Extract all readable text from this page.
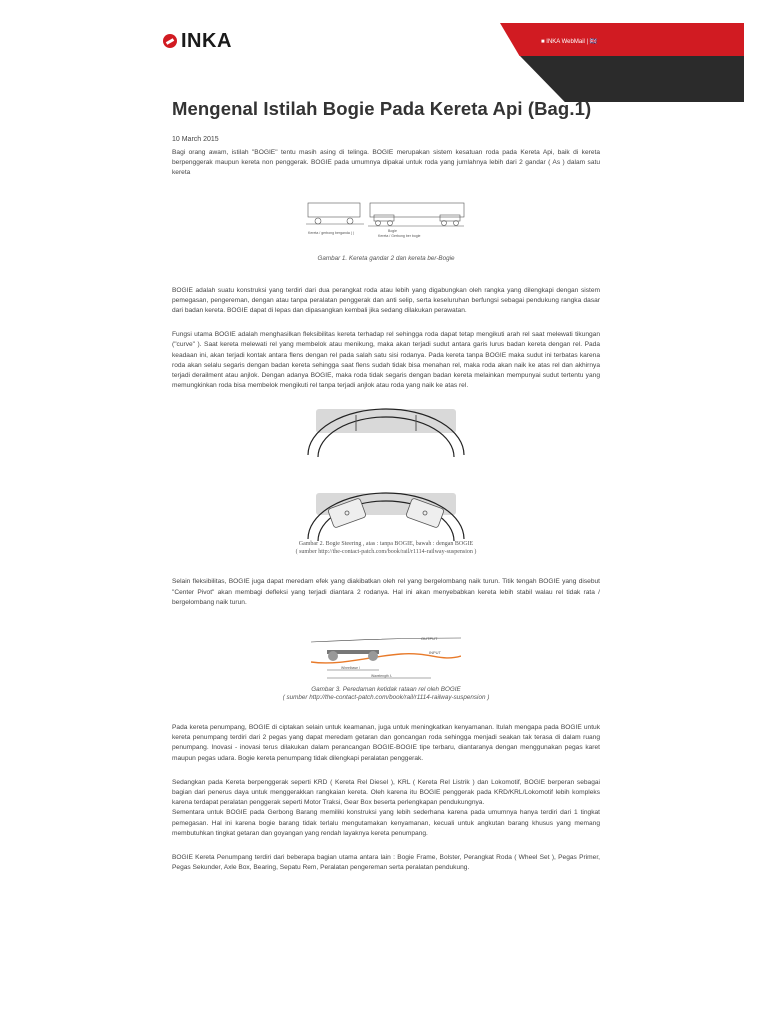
INKA	■ INKA WebMail | 🇬🇧
Mengenal Istilah Bogie Pada Kereta Api (Bag.1)
10 March 2015

Bagi orang awam, istilah "BOGIE" tentu masih asing di telinga. BOGIE merupakan sistem kesatuan roda pada Kereta Api, baik di kereta berpenggerak maupun kereta non penggerak. BOGIE pada umumnya dipakai untuk roda yang jumlahnya lebih dari 2 gandar ( As ) dalam satu kereta

Kereta / gerbong berganda ( )	Bogie
Kereta / Gerbong ber bogie
Gambar 1. Kereta gandar 2 dan kereta ber-Bogie

BOGIE adalah suatu konstruksi yang terdiri dari dua perangkat roda atau lebih yang digabungkan oleh rangka yang dilengkapi dengan sistem pemegasan, pengereman, dengan atau tanpa peralatan penggerak dan anti selip, serta keseluruhan berfungsi sebagai pendukung rangka dasar dari badan kereta. BOGIE dapat di lepas dan dipasangkan kembali jika sedang dilakukan perawatan.

Fungsi utama BOGIE adalah menghasilkan fleksibilitas kereta terhadap rel sehingga roda dapat tetap mengikuti arah rel saat melewati tikungan ("curve" ). Saat kereta melewati rel yang membelok atau menikung, maka akan terjadi sudut antara garis lurus badan kereta dengan rel. Pada keadaan ini, akan terjadi kontak antara flens dengan rel pada salah satu sisi rodanya. Pada kereta tanpa BOGIE maka sudut ini terbatas karena roda akan selalu segaris dengan badan kereta sehingga saat flens sudah tidak bisa menahan rel, maka roda akan naik ke atas rel dan akhirnya terjadi derailment atau anjlok. Dengan adanya BOGIE, maka roda tidak segaris dengan badan kereta melainkan mempunyai sudut tertentu yang memungkinkan roda bisa membelok mengikuti rel tanpa terjadi anjlok atau roda yang naik ke atas rel.

Gambar 2. Bogie Steering , atas : tanpa BOGIE, bawah : dengan BOGIE
( sumber http://the-contact-patch.com/book/rail/r1114-railway-suspension )

Selain fleksibilitas, BOGIE juga dapat meredam efek yang diakibatkan oleh rel yang bergelombang naik turun. Titik tengah BOGIE yang disebut "Center Pivot" akan membagi defleksi yang terjadi diantara 2 rodanya. Hal ini akan menyebabkan kereta lebih stabil walau rel tidak rata / bergelombang naik turun.

OUTPUT
INPUT
Wheelbase l
Wavelength λ
Gambar 3. Peredaman ketidak rataan rel oleh BOGIE
( sumber http://the-contact-patch.com/book/rail/r1114-railway-suspension )

Pada kereta penumpang, BOGIE di ciptakan selain untuk keamanan, juga untuk meningkatkan kenyamanan. Itulah mengapa pada BOGIE untuk kereta penumpang terdiri dari 2 pegas yang dapat meredam getaran dan goncangan roda sehingga menjadi seakan tak terasa di dalam ruang penumpang. Inovasi - inovasi terus dilakukan dalam perancangan BOGIE-BOGIE tipe terbaru, diantaranya dengan menggunakan pegas karet maupun pegas udara. Bogie kereta penumpang tidak dilengkapi peralatan penggerak.

Sedangkan pada Kereta berpenggerak seperti KRD ( Kereta Rel Diesel ), KRL ( Kereta Rel Listrik ) dan Lokomotif, BOGIE berperan sebagai bagian dari penerus daya untuk menggerakkan rangkaian kereta. Oleh karena itu BOGIE penggerak pada KRD/KRL/Lokomotif lebih kompleks karena terdapat peralatan penggerak seperti Motor Traksi, Gear Box beserta perlengkapan pendukungnya.

Sementara untuk BOGIE pada Gerbong Barang memiliki konstruksi yang lebih sederhana karena pada umumnya hanya terdiri dari 1 tingkat pemegasan. Hal ini karena bogie barang tidak terlalu mengutamakan kenyamanan, kecuali untuk angkutan barang khusus yang memang membutuhkan tingkat getaran dan goyangan yang rendah layaknya kereta penumpang.

BOGIE Kereta Penumpang terdiri dari beberapa bagian utama antara lain : Bogie Frame, Bolster, Perangkat Roda ( Wheel Set ), Pegas Primer, Pegas Sekunder, Axle Box, Bearing, Sepatu Rem, Peralatan pengereman serta peralatan pendukung.
